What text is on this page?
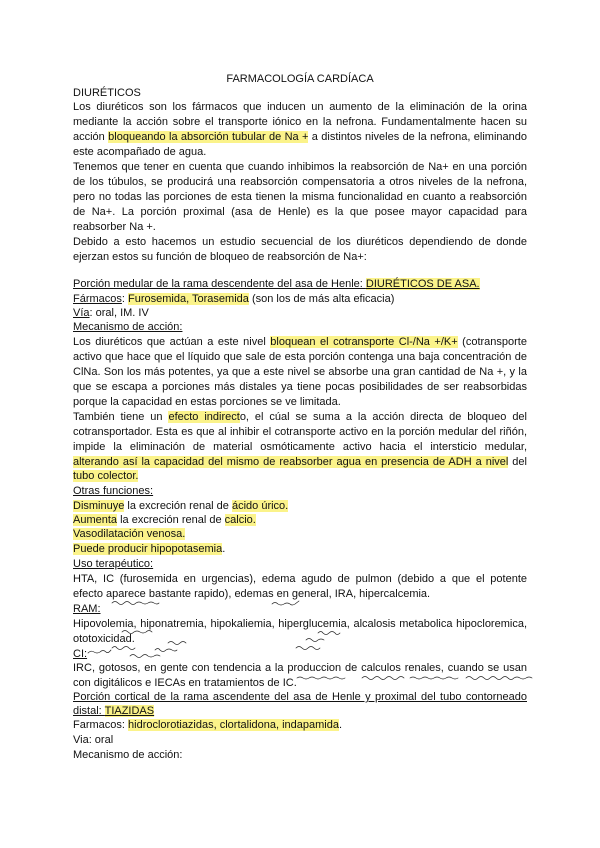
FARMACOLOGÍA CARDÍACA
DIURÉTICOS
Los diuréticos son los fármacos que inducen un aumento de la eliminación de la orina
mediante la acción sobre el transporte iónico en la nefrona. Fundamentalmente hacen su
acción bloqueando la absorción tubular de Na + a distintos niveles de la nefrona, eliminando
este acompañado de agua.
Tenemos que tener en cuenta que cuando inhibimos la reabsorción de Na+ en una porción
de los túbulos, se producirá una reabsorción compensatoria a otros niveles de la nefrona,
pero no todas las porciones de esta tienen la misma funcionalidad en cuanto a reabsorción
de Na+. La porción proximal (asa de Henle) es la que posee mayor capacidad para
reabsorber Na +.
Debido a esto hacemos un estudio secuencial de los diuréticos dependiendo de donde
ejerzan estos su función de bloqueo de reabsorción de Na+:
Porción medular de la rama descendente del asa de Henle: DIURÉTICOS DE ASA.
Fármacos: Furosemida, Torasemida (son los de más alta eficacia)
Vía: oral, IM. IV
Mecanismo de acción:
Los diuréticos que actúan a este nivel bloquean el cotransporte Cl-/Na +/K+ (cotransporte
activo que hace que el líquido que sale de esta porción contenga una baja concentración de
ClNa. Son los más potentes, ya que a este nivel se absorbe una gran cantidad de Na +, y la
que se escapa a porciones más distales ya tiene pocas posibilidades de ser reabsorbidas
porque la capacidad en estas porciones se ve limitada.
También tiene un efecto indirecto, el cúal se suma a la acción directa de bloqueo del
cotransportador. Esta es que al inhibir el cotransporte activo en la porción medular del riñón,
impide la eliminación de material osmóticamente activo hacia el intersticio medular,
alterando así la capacidad del mismo de reabsorber agua en presencia de ADH a nivel del
tubo colector.
Otras funciones:
Disminuye la excreción renal de ácido úrico.
Aumenta la excreción renal de calcio.
Vasodilatación venosa.
Puede producir hipopotasemia.
Uso terapéutico:
HTA, IC (furosemida en urgencias), edema agudo de pulmon (debido a que el potente
efecto aparece bastante rapido), edemas en general, IRA, hipercalcemia.
RAM:
Hipovolemia, hiponatremia, hipokaliemia, hiperglucemia, alcalosis metabolica hipocloremica,
ototoxicidad.
CI:
IRC, gotosos, en gente con tendencia a la produccion de calculos renales, cuando se usan
con digitálicos e IECAs en tratamientos de IC.
Porción cortical de la rama ascendente del asa de Henle y proximal del tubo contorneado
distal: TIAZIDAS
Farmacos: hidroclorotiazidas, clortalidona, indapamida.
Via: oral
Mecanismo de acción:
